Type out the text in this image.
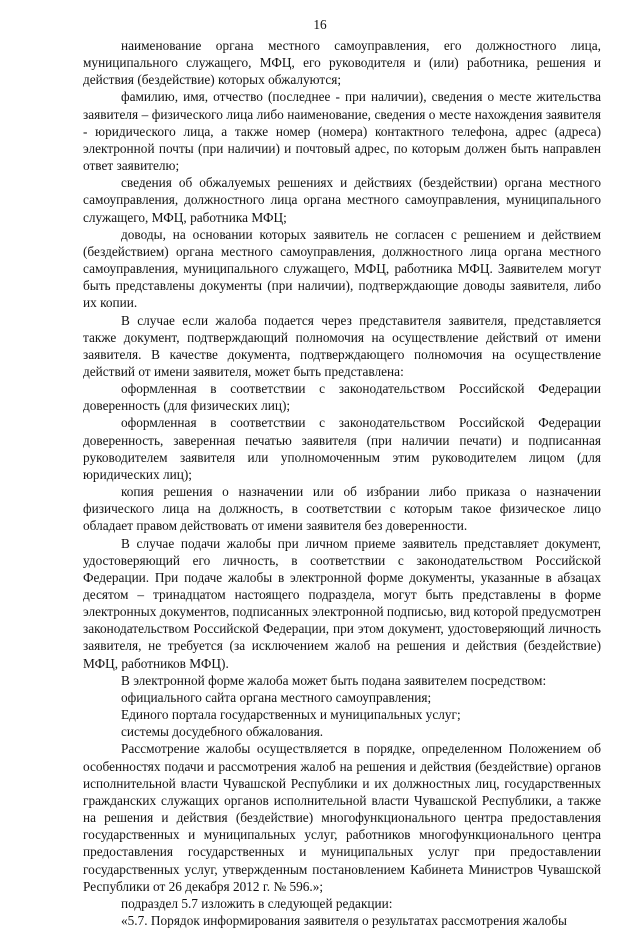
16

наименование органа местного самоуправления, его должностного лица, муниципального служащего, МФЦ, его руководителя и (или) работника, решения и действия (бездействие) которых обжалуются;

фамилию, имя, отчество (последнее - при наличии), сведения о месте жительства заявителя – физического лица либо наименование, сведения о месте нахождения заявителя - юридического лица, а также номер (номера) контактного телефона, адрес (адреса) электронной почты (при наличии) и почтовый адрес, по которым должен быть направлен ответ заявителю;

сведения об обжалуемых решениях и действиях (бездействии) органа местного самоуправления, должностного лица органа местного самоуправления, муниципального служащего, МФЦ, работника МФЦ;

доводы, на основании которых заявитель не согласен с решением и действием (бездействием) органа местного самоуправления, должностного лица органа местного самоуправления, муниципального служащего, МФЦ, работника МФЦ. Заявителем могут быть представлены документы (при наличии), подтверждающие доводы заявителя, либо их копии.

В случае если жалоба подается через представителя заявителя, представляется также документ, подтверждающий полномочия на осуществление действий от имени заявителя. В качестве документа, подтверждающего полномочия на осуществление действий от имени заявителя, может быть представлена:

оформленная в соответствии с законодательством Российской Федерации доверенность (для физических лиц);

оформленная в соответствии с законодательством Российской Федерации доверенность, заверенная печатью заявителя (при наличии печати) и подписанная руководителем заявителя или уполномоченным этим руководителем лицом (для юридических лиц);

копия решения о назначении или об избрании либо приказа о назначении физического лица на должность, в соответствии с которым такое физическое лицо обладает правом действовать от имени заявителя без доверенности.

В случае подачи жалобы при личном приеме заявитель представляет документ, удостоверяющий его личность, в соответствии с законодательством Российской Федерации. При подаче жалобы в электронной форме документы, указанные в абзацах десятом – тринадцатом настоящего подраздела, могут быть представлены в форме электронных документов, подписанных электронной подписью, вид которой предусмотрен законодательством Российской Федерации, при этом документ, удостоверяющий личность заявителя, не требуется (за исключением жалоб на решения и действия (бездействие) МФЦ, работников МФЦ).

В электронной форме жалоба может быть подана заявителем посредством:

официального сайта органа местного самоуправления;

Единого портала государственных и муниципальных услуг;

системы досудебного обжалования.

Рассмотрение жалобы осуществляется в порядке, определенном Положением об особенностях подачи и рассмотрения жалоб на решения и действия (бездействие) органов исполнительной власти Чувашской Республики и их должностных лиц, государственных гражданских служащих органов исполнительной власти Чувашской Республики, а также на решения и действия (бездействие) многофункционального центра предоставления государственных и муниципальных услуг, работников многофункционального центра предоставления государственных и муниципальных услуг при предоставлении государственных услуг, утвержденным постановлением Кабинета Министров Чувашской Республики от 26 декабря 2012 г. № 596.»;

подраздел 5.7 изложить в следующей редакции:

«5.7. Порядок информирования заявителя о результатах рассмотрения жалобы
